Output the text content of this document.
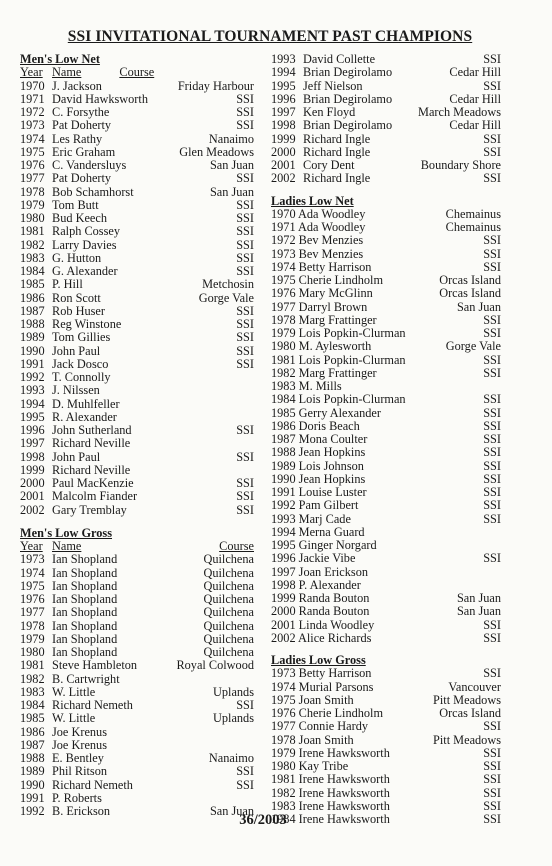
SSI INVITATIONAL TOURNAMENT PAST CHAMPIONS
Men's Low Net
Year Name	Course
1970 J. Jackson	Friday Harbour
1971 David Hawksworth	SSI
1972 C. Forsythe	SSI
1973 Pat Doherty	SSI
1974 Les Rathy	Nanaimo
1975 Eric Graham	Glen Meadows
1976 C. Vandersluys	San Juan
1977 Pat Doherty	SSI
1978 Bob Schamhorst	San Juan
1979 Tom Butt	SSI
1980 Bud Keech	SSI
1981 Ralph Cossey	SSI
1982 Larry Davies	SSI
1983 G. Hutton	SSI
1984 G. Alexander	SSI
1985 P. Hill	Metchosin
1986 Ron Scott	Gorge Vale
1987 Rob Huser	SSI
1988 Reg Winstone	SSI
1989 Tom Gillies	SSI
1990 John Paul	SSI
1991 Jack Dosco	SSI
1992 T. Connolly
1993 J. Nilssen
1994 D. Muhlfeller
1995 R. Alexander
1996 John Sutherland	SSI
1997 Richard Neville
1998 John Paul	SSI
1999 Richard Neville
2000 Paul MacKenzie	SSI
2001 Malcolm Fiander	SSI
2002 Gary Tremblay	SSI
Men's Low Gross
Year Name	Course
1973 Ian Shopland	Quilchena
1974 Ian Shopland	Quilchena
1975 Ian Shopland	Quilchena
1976 Ian Shopland	Quilchena
1977 Ian Shopland	Quilchena
1978 Ian Shopland	Quilchena
1979 Ian Shopland	Quilchena
1980 Ian Shopland	Quilchena
1981 Steve Hambleton	Royal Colwood
1982 B. Cartwright
1983 W. Little	Uplands
1984 Richard Nemeth	SSI
1985 W. Little	Uplands
1986 Joe Krenus
1987 Joe Krenus
1988 E. Bentley	Nanaimo
1989 Phil Ritson	SSI
1990 Richard Nemeth	SSI
1991 P. Roberts
1992 B. Erickson	San Juan
1993 David Collette	SSI
1994 Brian Degirolamo	Cedar Hill
1995 Jeff Nielson	SSI
1996 Brian Degirolamo	Cedar Hill
1997 Ken Floyd	March Meadows
1998 Brian Degirolamo	Cedar Hill
1999 Richard Ingle	SSI
2000 Richard Ingle	SSI
2001 Cory Dent	Boundary Shore
2002 Richard Ingle	SSI
Ladies Low Net
1970 Ada Woodley	Chemainus
1971 Ada Woodley	Chemainus
1972 Bev Menzies	SSI
1973 Bev Menzies	SSI
1974 Betty Harrison	SSI
1975 Cherie Lindholm	Orcas Island
1976 Mary McGlinn	Orcas Island
1977 Darryl Brown	San Juan
1978 Marg Frattinger	SSI
1979 Lois Popkin-Clurman	SSI
1980 M. Aylesworth	Gorge Vale
1981 Lois Popkin-Clurman	SSI
1982 Marg Frattinger	SSI
1983 M. Mills
1984 Lois Popkin-Clurman	SSI
1985 Gerry Alexander	SSI
1986 Doris Beach	SSI
1987 Mona Coulter	SSI
1988 Jean Hopkins	SSI
1989 Lois Johnson	SSI
1990 Jean Hopkins	SSI
1991 Louise Luster	SSI
1992 Pam Gilbert	SSI
1993 Marj Cade	SSI
1994 Merna Guard
1995 Ginger Norgard
1996 Jackie Vibe	SSI
1997 Joan Erickson
1998 P. Alexander
1999 Randa Bouton	San Juan
2000 Randa Bouton	San Juan
2001 Linda Woodley	SSI
2002 Alice Richards	SSI
Ladies Low Gross
1973 Betty Harrison	SSI
1974 Murial Parsons	Vancouver
1975 Joan Smith	Pitt Meadows
1976 Cherie Lindholm	Orcas Island
1977 Connie Hardy	SSI
1978 Joan Smith	Pitt Meadows
1979 Irene Hawksworth	SSI
1980 Kay Tribe	SSI
1981 Irene Hawksworth	SSI
1982 Irene Hawksworth	SSI
1983 Irene Hawksworth	SSI
1984 Irene Hawksworth	SSI
36/2003
